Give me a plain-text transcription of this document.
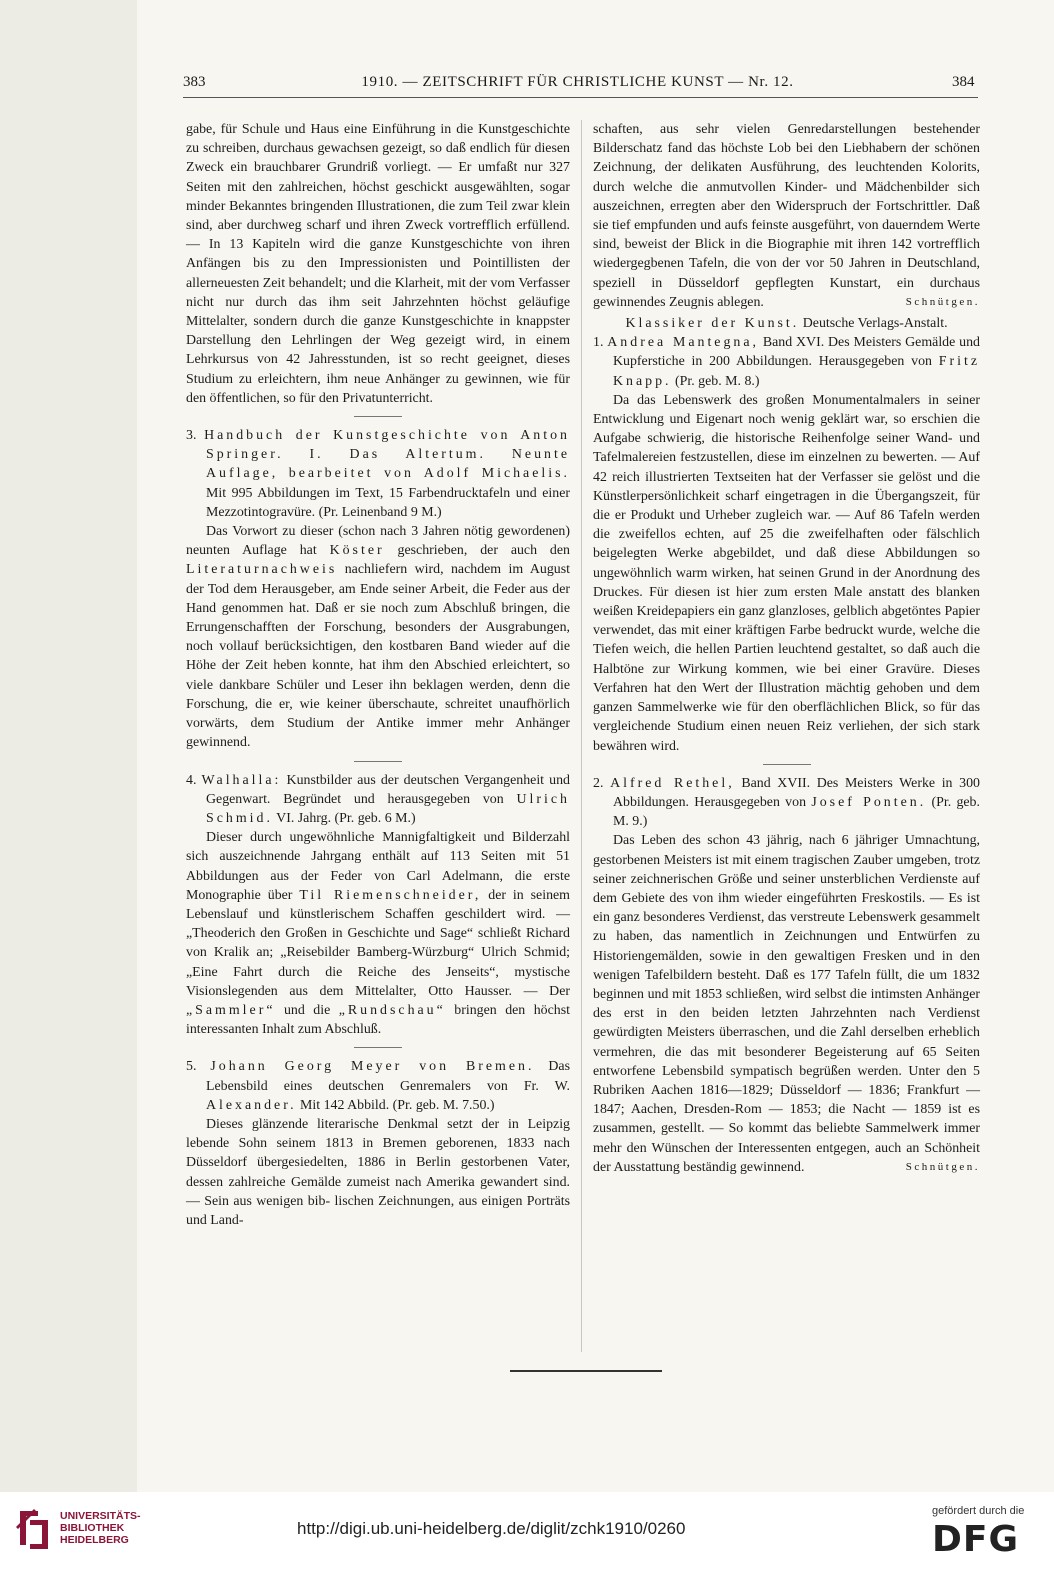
383	1910. — ZEITSCHRIFT FÜR CHRISTLICHE KUNST — Nr. 12.	384

gabe, für Schule und Haus eine Einführung in die Kunstgeschichte zu schreiben, durchaus gewachsen gezeigt, so daß endlich für diesen Zweck ein brauchbarer Grundriß vorliegt. — Er umfaßt nur 327 Seiten mit den zahlreichen, höchst geschickt ausgewählten, sogar minder Bekanntes bringenden Illustrationen, die zum Teil zwar klein sind, aber durchweg scharf und ihren Zweck vortrefflich erfüllend. — In 13 Kapiteln wird die ganze Kunstgeschichte von ihren Anfängen bis zu den Impressionisten und Pointillisten der allerneuesten Zeit behandelt; und die Klarheit, mit der vom Verfasser nicht nur durch das ihm seit Jahrzehnten höchst geläufige Mittelalter, sondern durch die ganze Kunstgeschichte in knappster Darstellung den Lehrlingen der Weg gezeigt wird, in einem Lehrkursus von 42 Jahresstunden, ist so recht geeignet, dieses Studium zu erleichtern, ihm neue Anhänger zu gewinnen, wie für den öffentlichen, so für den Privatunterricht.

3. Handbuch der Kunstgeschichte von Anton Springer. I. Das Altertum. Neunte Auflage, bearbeitet von Adolf Michaelis. Mit 995 Abbildungen im Text, 15 Farbendrucktafeln und einer Mezzotintogravüre. (Pr. Leinenband 9 M.)

Das Vorwort zu dieser (schon nach 3 Jahren nötig gewordenen) neunten Auflage hat Köster geschrieben, der auch den Literaturnachweis nachliefern wird, nachdem im August der Tod dem Herausgeber, am Ende seiner Arbeit, die Feder aus der Hand genommen hat. Daß er sie noch zum Abschluß bringen, die Errungenschafften der Forschung, besonders der Ausgrabungen, noch vollauf berücksichtigen, den kostbaren Band wieder auf die Höhe der Zeit heben konnte, hat ihm den Abschied erleichtert, so viele dankbare Schüler und Leser ihn beklagen werden, denn die Forschung, die er, wie keiner überschaute, schreitet unaufhörlich vorwärts, dem Studium der Antike immer mehr Anhänger gewinnend.

4. Walhalla: Kunstbilder aus der deutschen Vergangenheit und Gegenwart. Begründet und herausgegeben von Ulrich Schmid. VI. Jahrg. (Pr. geb. 6 M.)

Dieser durch ungewöhnliche Mannigfaltigkeit und Bilderzahl sich auszeichnende Jahrgang enthält auf 113 Seiten mit 51 Abbildungen aus der Feder von Carl Adelmann, die erste Monographie über Til Riemenschneider, der in seinem Lebenslauf und künstlerischem Schaffen geschildert wird. — „Theoderich den Großen in Geschichte und Sage“ schließt Richard von Kralik an; „Reisebilder Bamberg-Würzburg“ Ulrich Schmid; „Eine Fahrt durch die Reiche des Jenseits“, mystische Visionslegenden aus dem Mittelalter, Otto Hausser. — Der „Sammler“ und die „Rundschau“ bringen den höchst interessanten Inhalt zum Abschluß.

5. Johann Georg Meyer von Bremen. Das Lebensbild eines deutschen Genremalers von Fr. W. Alexander. Mit 142 Abbild. (Pr. geb. M. 7.50.)

Dieses glänzende literarische Denkmal setzt der in Leipzig lebende Sohn seinem 1813 in Bremen geborenen, 1833 nach Düsseldorf übergesiedelten, 1886 in Berlin gestorbenen Vater, dessen zahlreiche Gemälde zumeist nach Amerika gewandert sind. — Sein aus wenigen bib- lischen Zeichnungen, aus einigen Porträts und Land-

schaften, aus sehr vielen Genredarstellungen bestehender Bilderschatz fand das höchste Lob bei den Liebhabern der schönen Zeichnung, der delikaten Ausführung, des leuchtenden Kolorits, durch welche die anmutvollen Kinder- und Mädchenbilder sich auszeichnen, erregten aber den Widerspruch der Fortschrittler. Daß sie tief empfunden und aufs feinste ausgeführt, von dauerndem Werte sind, beweist der Blick in die Biographie mit ihren 142 vortrefflich wiedergegbenen Tafeln, die von der vor 50 Jahren in Deutschland, speziell in Düsseldorf gepflegten Kunstart, ein durchaus gewinnendes Zeugnis ablegen.	Schnütgen.

Klassiker der Kunst. Deutsche Verlags-Anstalt.

1. Andrea Mantegna, Band XVI. Des Meisters Gemälde und Kupferstiche in 200 Abbildungen. Herausgegeben von Fritz Knapp. (Pr. geb. M. 8.)

Da das Lebenswerk des großen Monumentalmalers in seiner Entwicklung und Eigenart noch wenig geklärt war, so erschien die Aufgabe schwierig, die historische Reihenfolge seiner Wand- und Tafelmalereien festzustellen, diese im einzelnen zu bewerten. — Auf 42 reich illustrierten Textseiten hat der Verfasser sie gelöst und die Künstlerpersönlichkeit scharf eingetragen in die Übergangszeit, für die er Produkt und Urheber zugleich war. — Auf 86 Tafeln werden die zweifellos echten, auf 25 die zweifelhaften oder fälschlich beigelegten Werke abgebildet, und daß diese Abbildungen so ungewöhnlich warm wirken, hat seinen Grund in der Anordnung des Druckes. Für diesen ist hier zum ersten Male anstatt des blanken weißen Kreidepapiers ein ganz glanzloses, gelblich abgetöntes Papier verwendet, das mit einer kräftigen Farbe bedruckt wurde, welche die Tiefen weich, die hellen Partien leuchtend gestaltet, so daß auch die Halbtöne zur Wirkung kommen, wie bei einer Gravüre. Dieses Verfahren hat den Wert der Illustration mächtig gehoben und dem ganzen Sammelwerke wie für den oberflächlichen Blick, so für das vergleichende Studium einen neuen Reiz verliehen, der sich stark bewähren wird.

2. Alfred Rethel, Band XVII. Des Meisters Werke in 300 Abbildungen. Herausgegeben von Josef Ponten. (Pr. geb. M. 9.)

Das Leben des schon 43 jährig, nach 6 jähriger Umnachtung, gestorbenen Meisters ist mit einem tragischen Zauber umgeben, trotz seiner zeichnerischen Größe und seiner unsterblichen Verdienste auf dem Gebiete des von ihm wieder eingeführten Freskostils. — Es ist ein ganz besonderes Verdienst, das verstreute Lebenswerk gesammelt zu haben, das namentlich in Zeichnungen und Entwürfen zu Historiengemälden, sowie in den gewaltigen Fresken und in den wenigen Tafelbildern besteht. Daß es 177 Tafeln füllt, die um 1832 beginnen und mit 1853 schließen, wird selbst die intimsten Anhänger des erst in den beiden letzten Jahrzehnten nach Verdienst gewürdigten Meisters überraschen, und die Zahl derselben erheblich vermehren, die das mit besonderer Begeisterung auf 65 Seiten entworfene Lebensbild sympatisch begrüßen werden. Unter den 5 Rubriken Aachen 1816—1829; Düsseldorf — 1836; Frankfurt — 1847; Aachen, Dresden-Rom — 1853; die Nacht — 1859 ist es zusammen, gestellt. — So kommt das beliebte Sammelwerk immer mehr den Wünschen der Interessenten entgegen, auch an Schönheit der Ausstattung beständig gewinnend.	Schnütgen.

UNIVERSITÄTS-
BIBLIOTHEK
HEIDELBERG
http://digi.ub.uni-heidelberg.de/diglit/zchk1910/0260
gefördert durch die
DFG
